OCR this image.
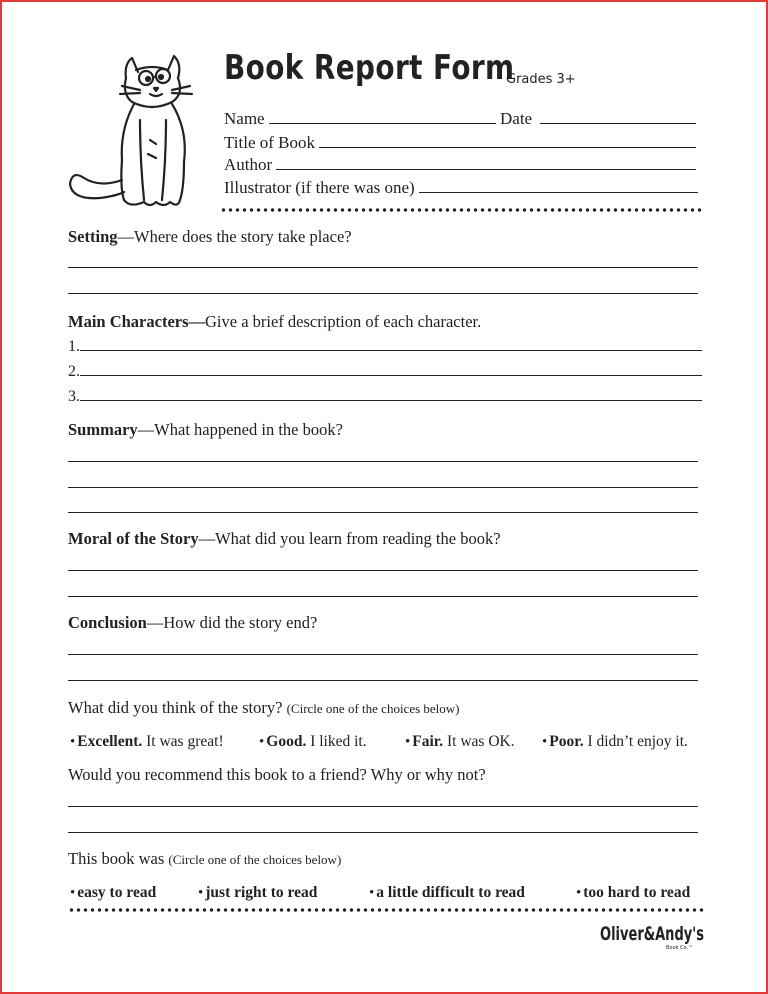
Book Report Form
Grades 3+
Name	Date
Title of Book
Author
Illustrator (if there was one)
Setting—Where does the story take place?
Main Characters—Give a brief description of each character.
1.
2.
3.
Summary—What happened in the book?
Moral of the Story—What did you learn from reading the book?
Conclusion—How did the story end?
What did you think of the story? (Circle one of the choices below)
• Excellent. It was great! • Good. I liked it.	• Fair. It was OK. • Poor. I didn’t enjoy it.
Would you recommend this book to a friend? Why or why not?
This book was (Circle one of the choices below)
• easy to read	• just right to read	• a little difficult to read	• too hard to read
Oliver&Andy's
Book Co.™
